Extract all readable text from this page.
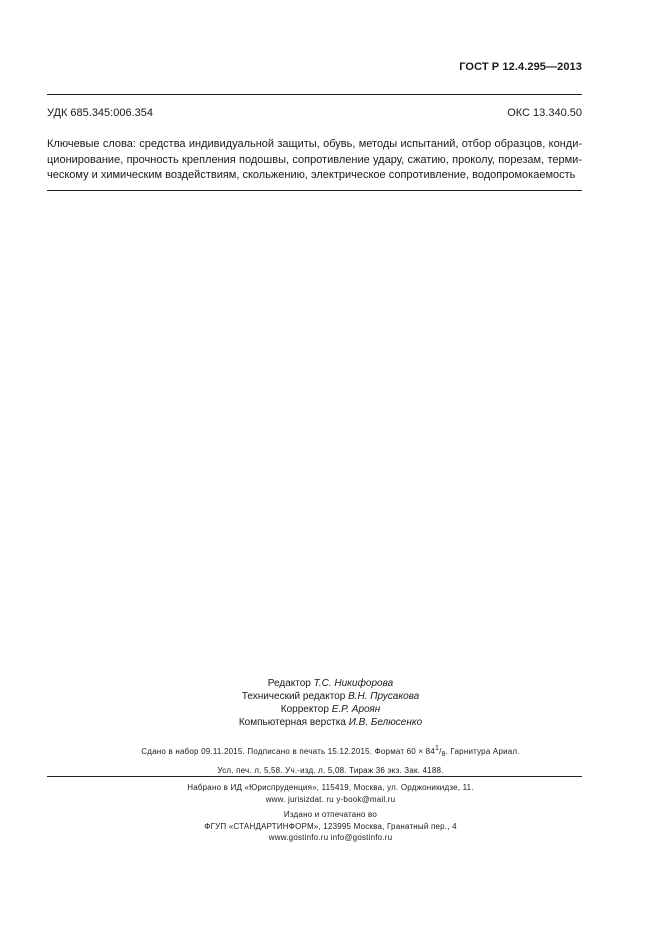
ГОСТ Р 12.4.295—2013
УДК 685.345:006.354	ОКС 13.340.50
Ключевые слова: средства индивидуальной защиты, обувь, методы испытаний, отбор образцов, конди-
ционирование, прочность крепления подошвы, сопротивление удару, сжатию, проколу, порезам, терми-
ческому и химическим воздействиям, скольжению, электрическое сопротивление, водопромокаемость
Редактор Т.С. Никифорова
Технический редактор В.Н. Прусакова
Корректор Е.Р. Ароян
Компьютерная верстка И.В. Белюсенко
Сдано в набор 09.11.2015. Подписано в печать 15.12.2015. Формат 60 × 841/8. Гарнитура Ариал.
Усл. печ. л. 5,58. Уч.-изд. л. 5,08. Тираж 36 экз. Зак. 4188.
Набрано в ИД «Юриспруденция», 115419, Москва, ул. Орджоникидзе, 11.
www. jurisizdat. ru y-book@mail.ru
Издано и отпечатано во
ФГУП «СТАНДАРТИНФОРМ», 123995 Москва, Гранатный пер., 4
www.gostinfo.ru info@gostinfo.ru
